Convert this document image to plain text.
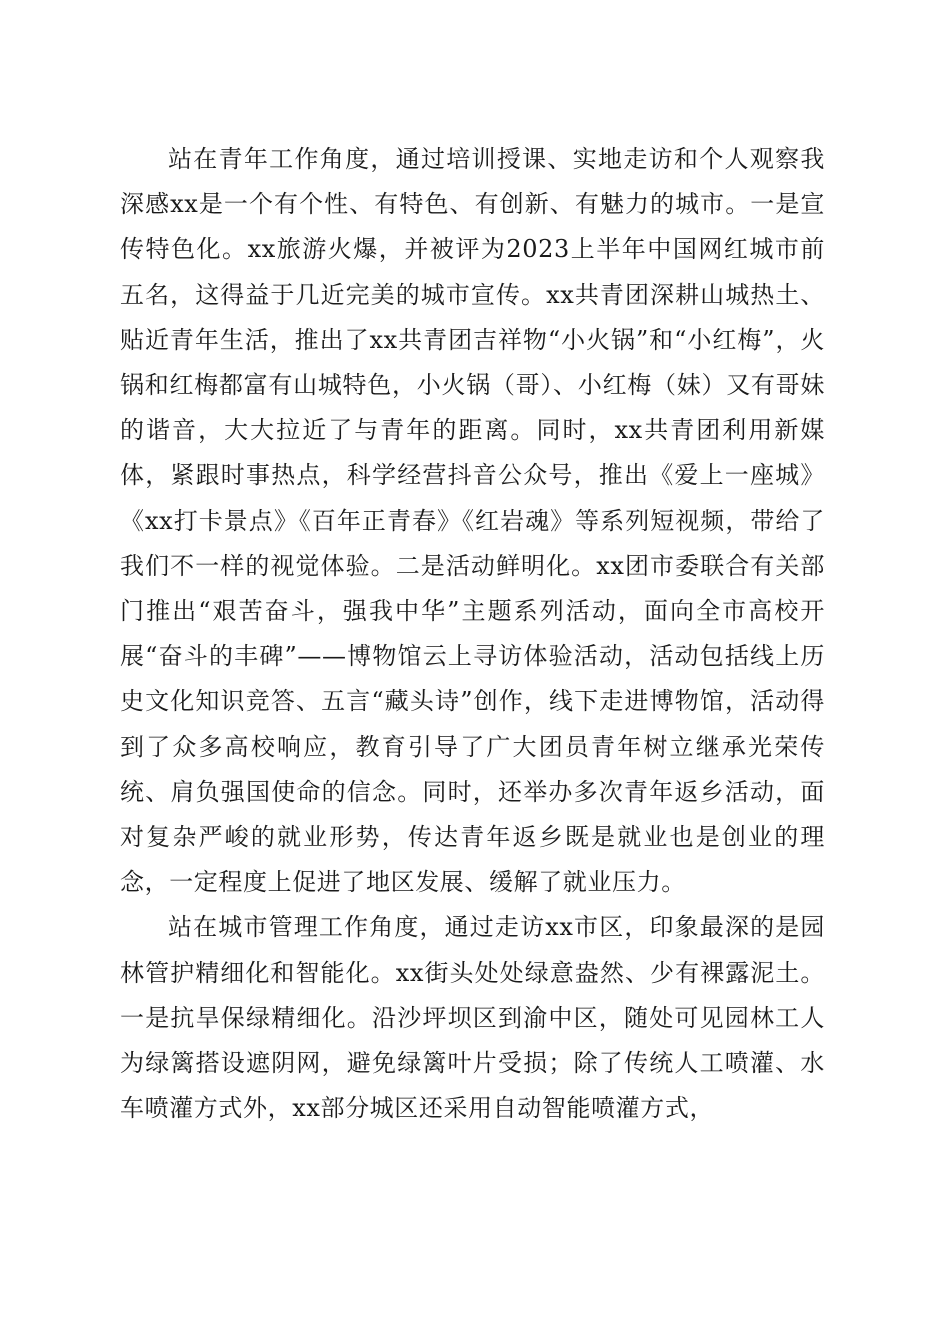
站在青年工作角度，通过培训授课、实地走访和个人观察我深感xx是一个有个性、有特色、有创新、有魅力的城市。一是宣传特色化。xx旅游火爆，并被评为2023上半年中国网红城市前五名，这得益于几近完美的城市宣传。xx共青团深耕山城热土、贴近青年生活，推出了xx共青团吉祥物“小火锅”和“小红梅”，火锅和红梅都富有山城特色，小火锅（哥）、小红梅（妹）又有哥妹的谐音，大大拉近了与青年的距离。同时，xx共青团利用新媒体，紧跟时事热点，科学经营抖音公众号，推出《爱上一座城》《xx打卡景点》《百年正青春》《红岩魂》等系列短视频，带给了我们不一样的视觉体验。二是活动鲜明化。xx团市委联合有关部门推出“艰苦奋斗，强我中华”主题系列活动，面向全市高校开展“奋斗的丰碑”——博物馆云上寻访体验活动，活动包括线上历史文化知识竞答、五言“藏头诗”创作，线下走进博物馆，活动得到了众多高校响应，教育引导了广大团员青年树立继承光荣传统、肩负强国使命的信念。同时，还举办多次青年返乡活动，面对复杂严峻的就业形势，传达青年返乡既是就业也是创业的理念，一定程度上促进了地区发展、缓解了就业压力。

站在城市管理工作角度，通过走访xx市区，印象最深的是园林管护精细化和智能化。xx街头处处绿意盎然、少有裸露泥土。一是抗旱保绿精细化。沿沙坪坝区到渝中区，随处可见园林工人为绿篱搭设遮阴网，避免绿篱叶片受损；除了传统人工喷灌、水车喷灌方式外，xx部分城区还采用自动智能喷灌方式，
